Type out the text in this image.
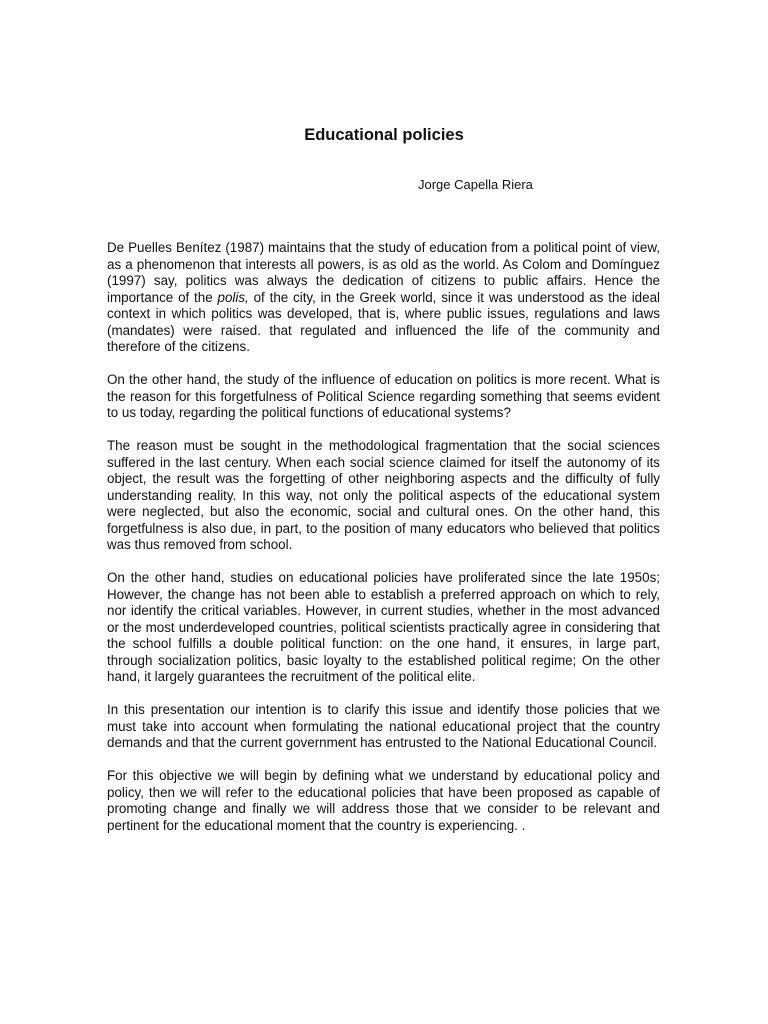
Educational policies
Jorge Capella Riera

De Puelles Benítez (1987) maintains that the study of education from a political point of view, as a phenomenon that interests all powers, is as old as the world. As Colom and Domínguez (1997) say, politics was always the dedication of citizens to public affairs. Hence the importance of the polis, of the city, in the Greek world, since it was understood as the ideal context in which politics was developed, that is, where public issues, regulations and laws (mandates) were raised. that regulated and influenced the life of the community and therefore of the citizens.

On the other hand, the study of the influence of education on politics is more recent. What is the reason for this forgetfulness of Political Science regarding something that seems evident to us today, regarding the political functions of educational systems?

The reason must be sought in the methodological fragmentation that the social sciences suffered in the last century. When each social science claimed for itself the autonomy of its object, the result was the forgetting of other neighboring aspects and the difficulty of fully understanding reality. In this way, not only the political aspects of the educational system were neglected, but also the economic, social and cultural ones. On the other hand, this forgetfulness is also due, in part, to the position of many educators who believed that politics was thus removed from school.

On the other hand, studies on educational policies have proliferated since the late 1950s; However, the change has not been able to establish a preferred approach on which to rely, nor identify the critical variables. However, in current studies, whether in the most advanced or the most underdeveloped countries, political scientists practically agree in considering that the school fulfills a double political function: on the one hand, it ensures, in large part, through socialization politics, basic loyalty to the established political regime; On the other hand, it largely guarantees the recruitment of the political elite.

In this presentation our intention is to clarify this issue and identify those policies that we must take into account when formulating the national educational project that the country demands and that the current government has entrusted to the National Educational Council.

For this objective we will begin by defining what we understand by educational policy and policy, then we will refer to the educational policies that have been proposed as capable of promoting change and finally we will address those that we consider to be relevant and pertinent for the educational moment that the country is experiencing. .
